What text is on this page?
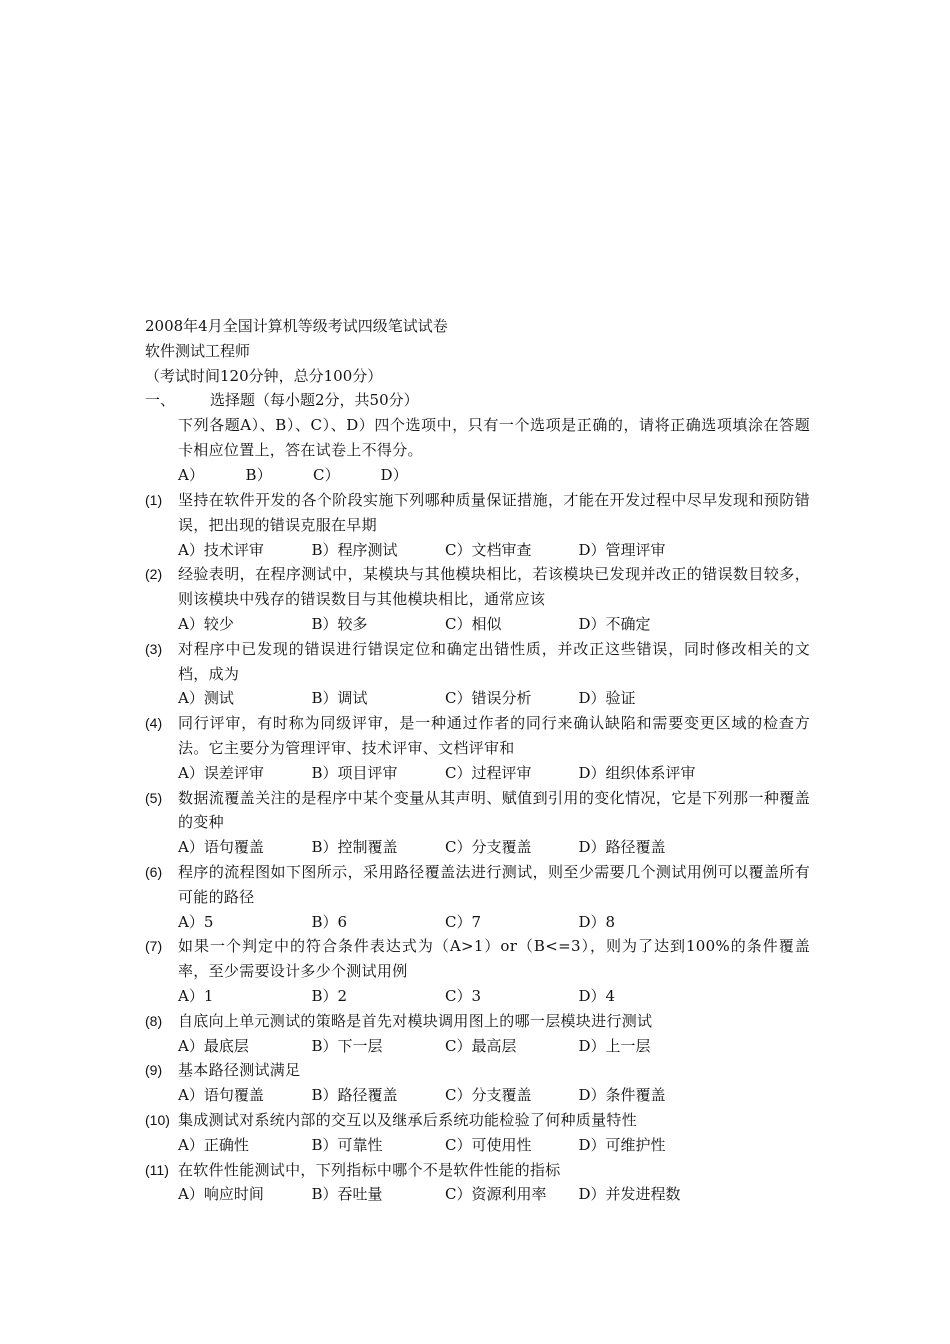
2008年4月全国计算机等级考试四级笔试试卷
软件测试工程师
（考试时间120分钟，总分100分）
一、 选择题（每小题2分，共50分）
下列各题A）、B）、C）、D）四个选项中，只有一个选项是正确的，请将正确选项填涂在答题卡相应位置上，答在试卷上不得分。
A）	B）	C）	D）
(1) 坚持在软件开发的各个阶段实施下列哪种质量保证措施，才能在开发过程中尽早发现和预防错误，把出现的错误克服在早期
A）技术评审	B）程序测试	C）文档审查	D）管理评审
(2) 经验表明，在程序测试中，某模块与其他模块相比，若该模块已发现并改正的错误数目较多，则该模块中残存的错误数目与其他模块相比，通常应该
A）较少	B）较多	C）相似	D）不确定
(3) 对程序中已发现的错误进行错误定位和确定出错性质，并改正这些错误，同时修改相关的文档，成为
A）测试	B）调试	C）错误分析	D）验证
(4) 同行评审，有时称为同级评审，是一种通过作者的同行来确认缺陷和需要变更区域的检查方法。它主要分为管理评审、技术评审、文档评审和
A）误差评审	B）项目评审	C）过程评审	D）组织体系评审
(5) 数据流覆盖关注的是程序中某个变量从其声明、赋值到引用的变化情况，它是下列那一种覆盖的变种
A）语句覆盖	B）控制覆盖	C）分支覆盖	D）路径覆盖
(6) 程序的流程图如下图所示，采用路径覆盖法进行测试，则至少需要几个测试用例可以覆盖所有可能的路径
A）5	B）6	C）7	D）8
(7) 如果一个判定中的符合条件表达式为（A>1）or（B<=3），则为了达到100%的条件覆盖率，至少需要设计多少个测试用例
A）1	B）2	C）3	D）4
(8) 自底向上单元测试的策略是首先对模块调用图上的哪一层模块进行测试
A）最底层	B）下一层	C）最高层	D）上一层
(9) 基本路径测试满足
A）语句覆盖	B）路径覆盖	C）分支覆盖	D）条件覆盖
(10) 集成测试对系统内部的交互以及继承后系统功能检验了何种质量特性
A）正确性	B）可靠性	C）可使用性	D）可维护性
(11) 在软件性能测试中，下列指标中哪个不是软件性能的指标
A）响应时间	B）吞吐量	C）资源利用率 D）并发进程数
